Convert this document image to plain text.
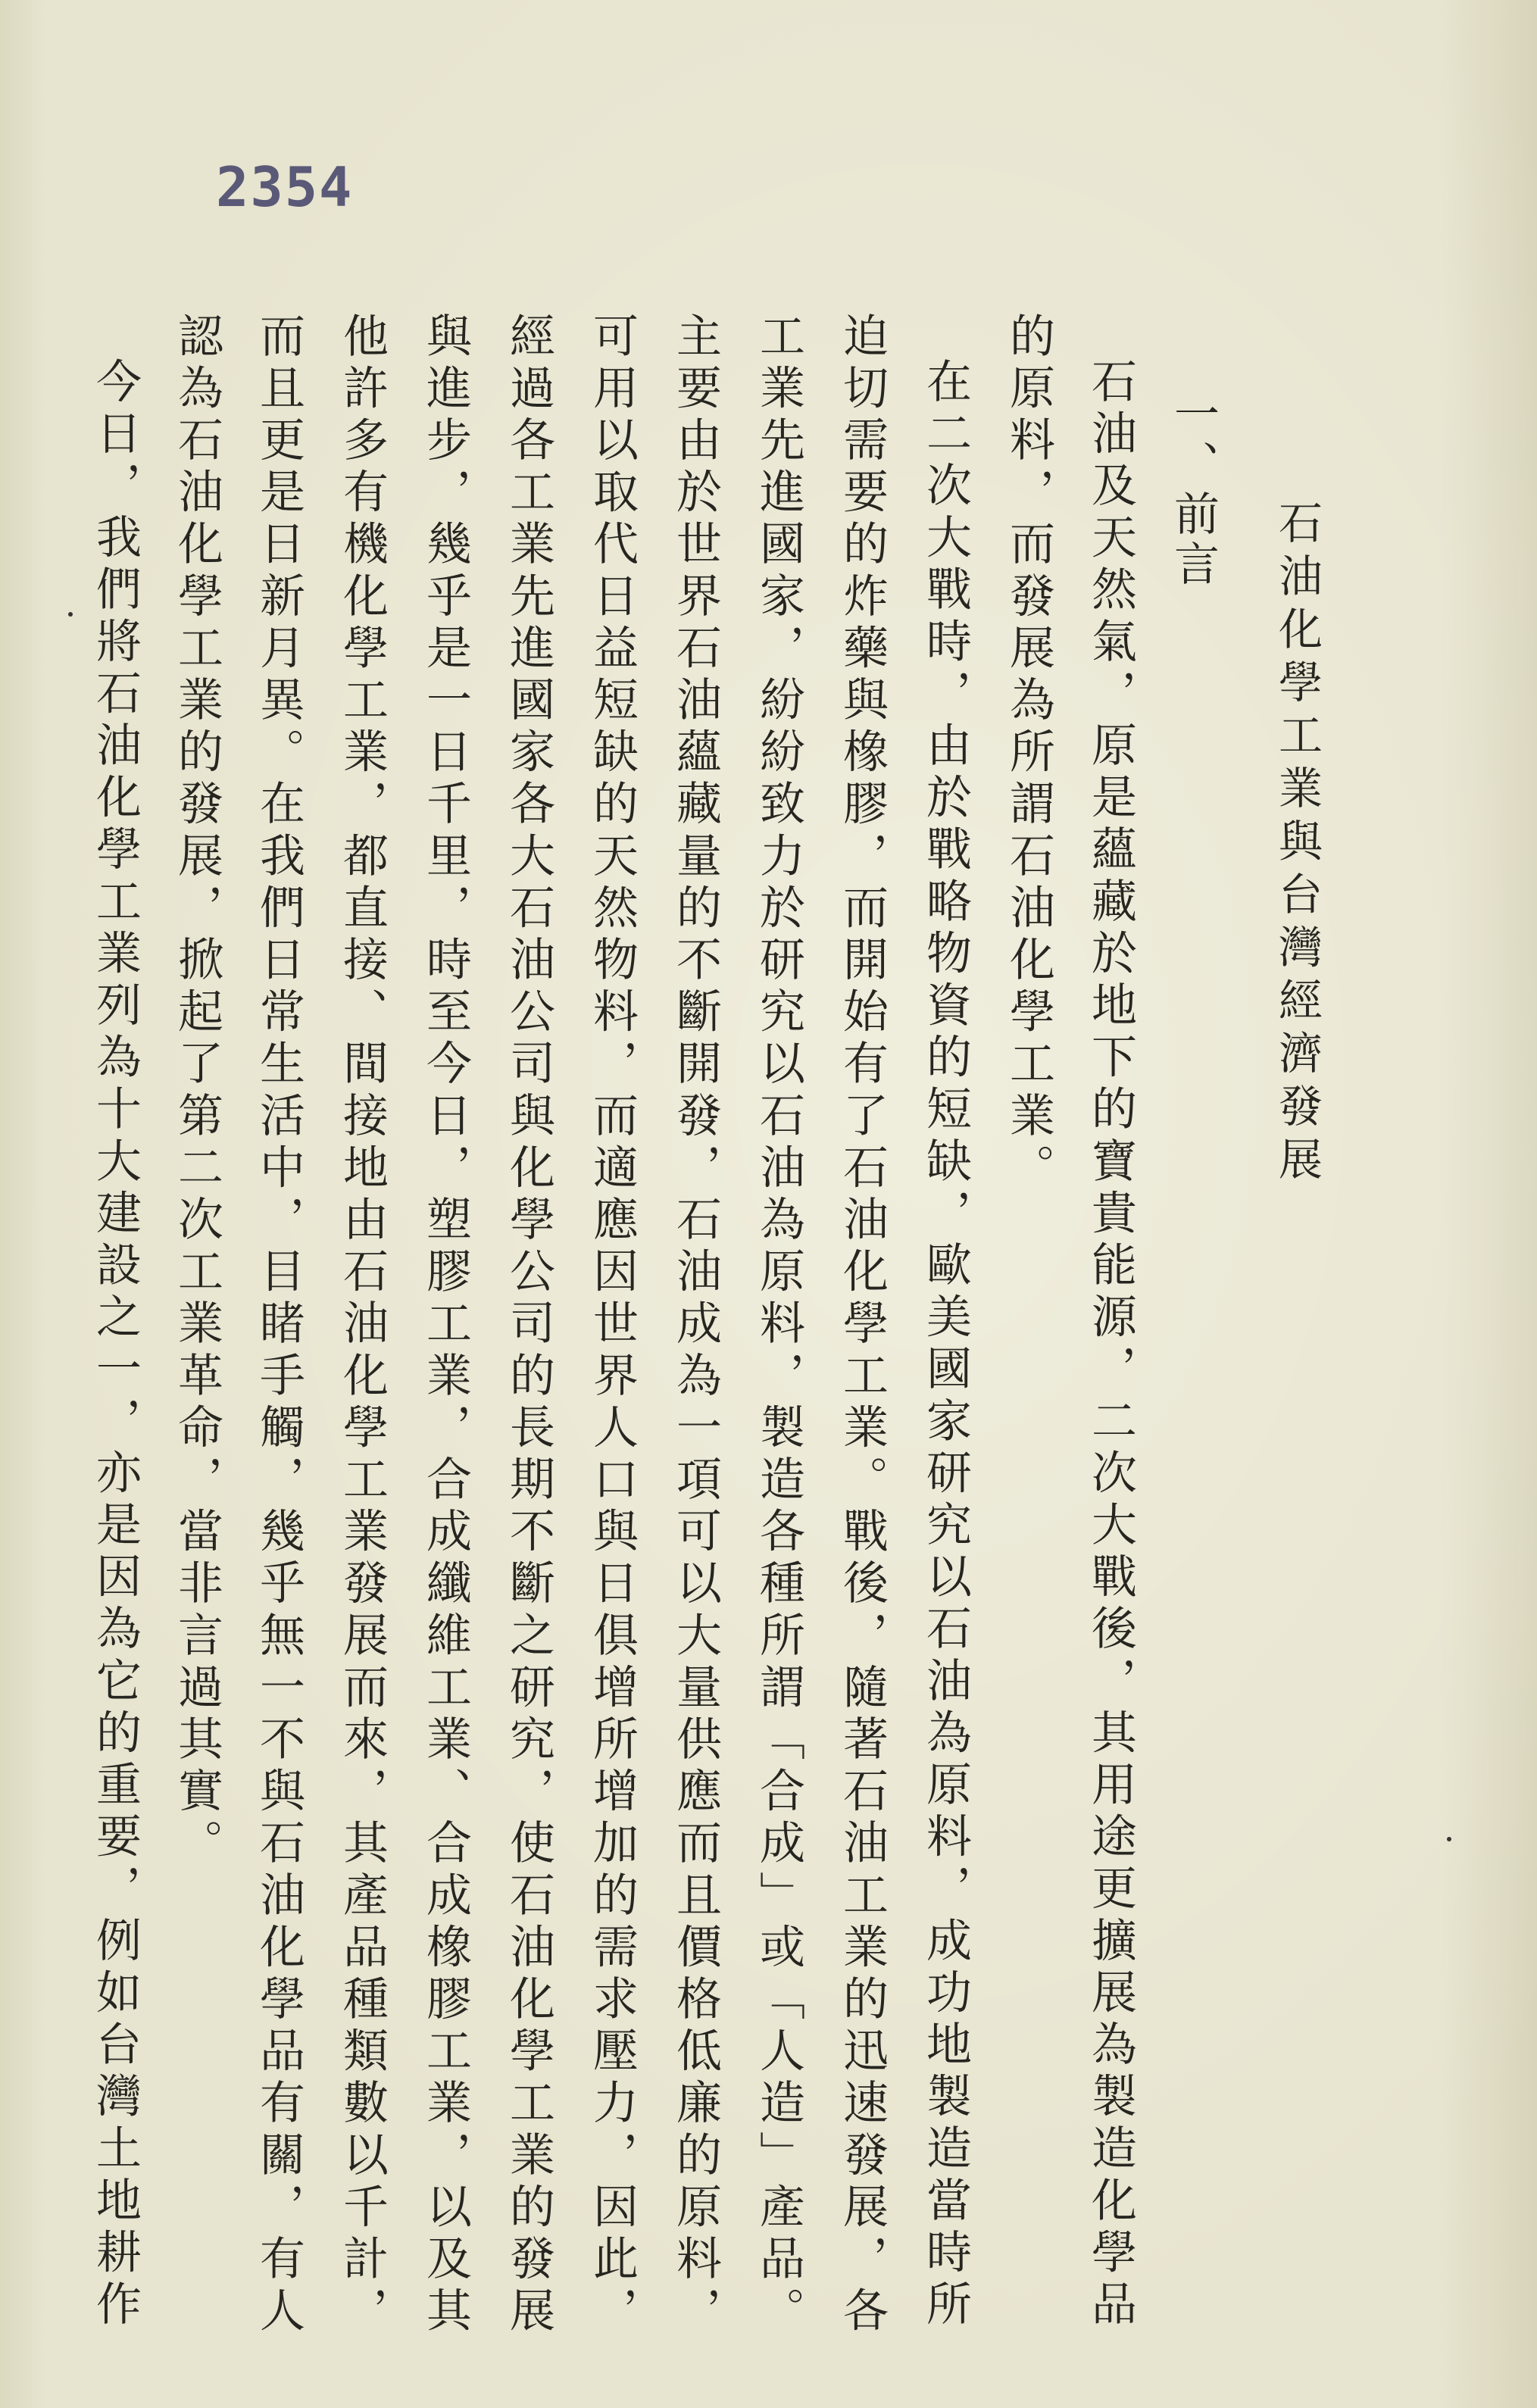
2354
石油化學工業與台灣經濟發展
一、前言
石油及天然氣，原是蘊藏於地下的寶貴能源，二次大戰後，其用途更擴展為製造化學品
的原料，而發展為所謂石油化學工業。
在二次大戰時，由於戰略物資的短缺，歐美國家研究以石油為原料，成功地製造當時所
迫切需要的炸藥與橡膠，而開始有了石油化學工業。戰後，隨著石油工業的迅速發展，各
工業先進國家，紛紛致力於研究以石油為原料，製造各種所謂「合成」或「人造」產品。
主要由於世界石油蘊藏量的不斷開發，石油成為一項可以大量供應而且價格低廉的原料，
可用以取代日益短缺的天然物料，而適應因世界人口與日俱增所增加的需求壓力，因此，
經過各工業先進國家各大石油公司與化學公司的長期不斷之研究，使石油化學工業的發展
與進步，幾乎是一日千里，時至今日，塑膠工業，合成纖維工業、合成橡膠工業，以及其
他許多有機化學工業，都直接、間接地由石油化學工業發展而來，其產品種類數以千計，
而且更是日新月異。在我們日常生活中，目睹手觸，幾乎無一不與石油化學品有關，有人
認為石油化學工業的發展，掀起了第二次工業革命，當非言過其實。
今日，我們將石油化學工業列為十大建設之一，亦是因為它的重要，例如台灣土地耕作
